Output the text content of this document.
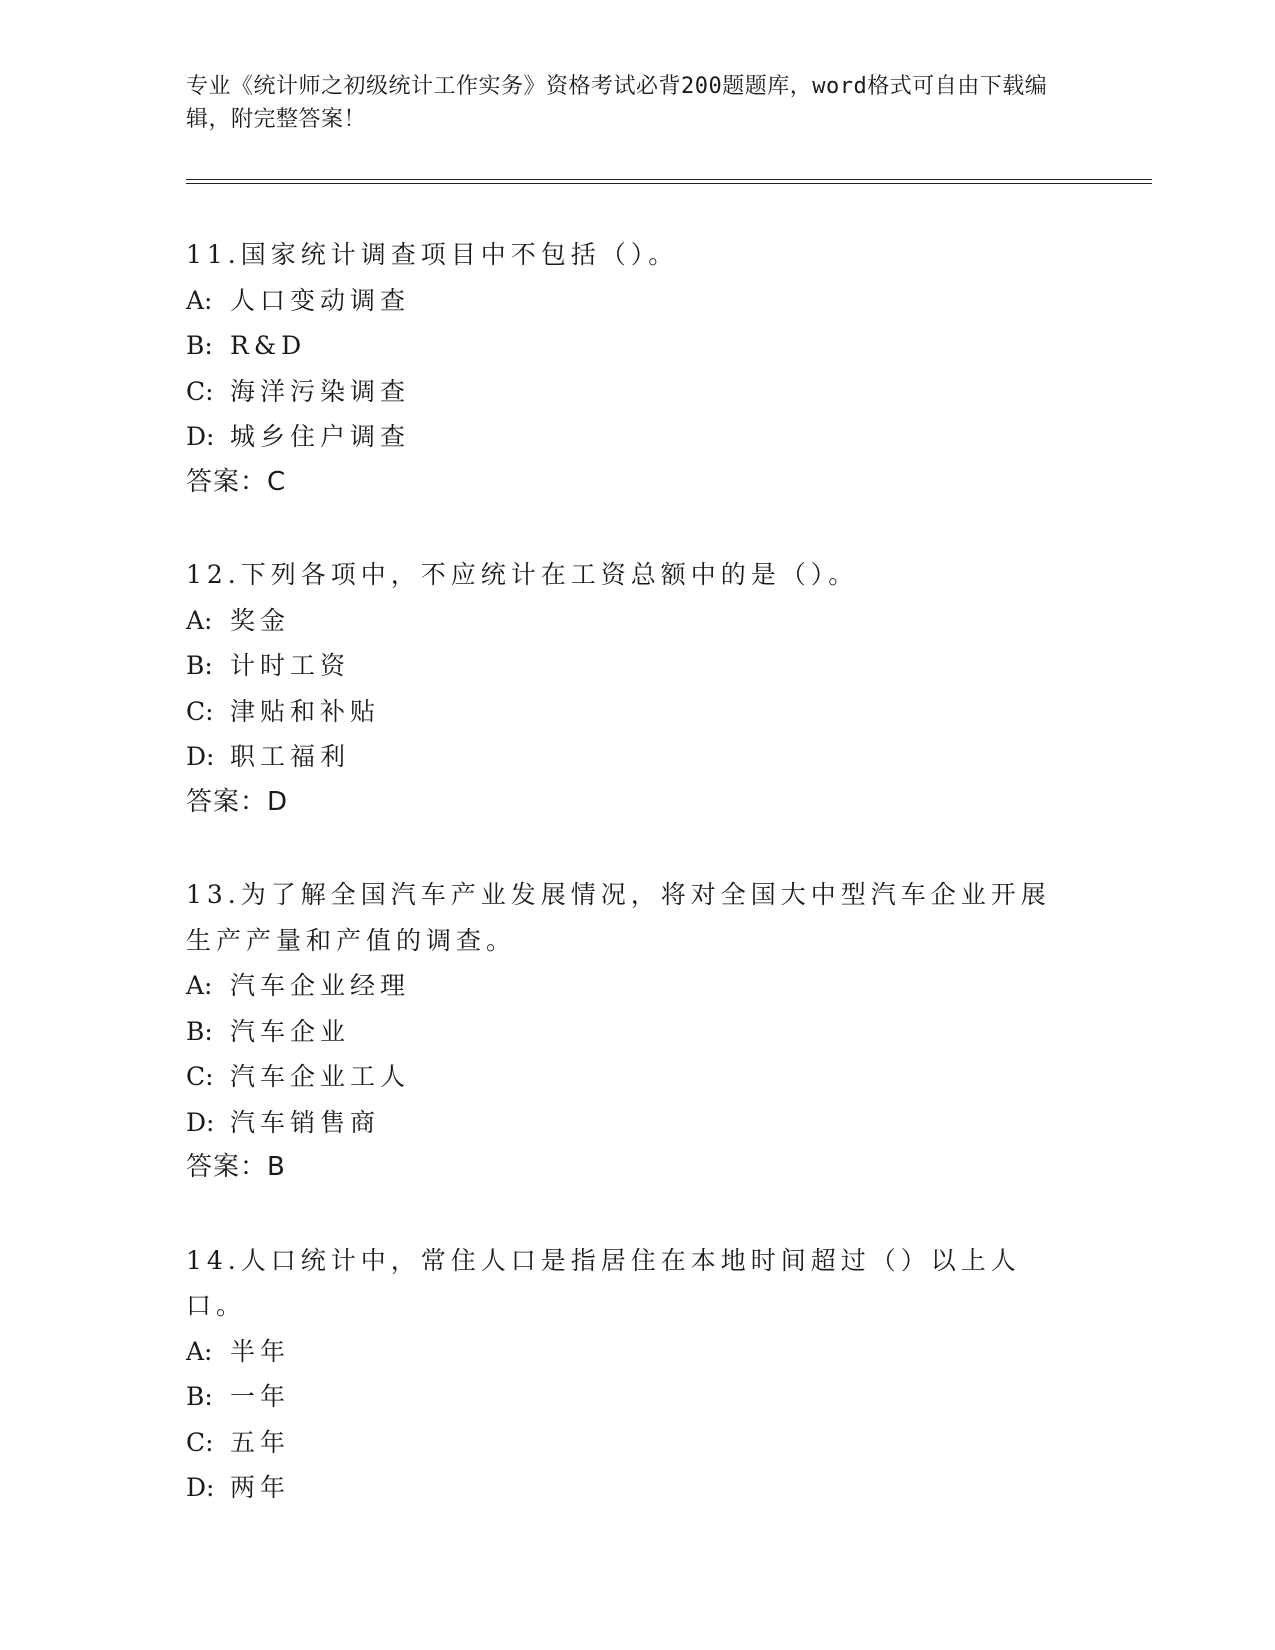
专业《统计师之初级统计工作实务》资格考试必背200题题库，word格式可自由下载编辑，附完整答案！
11.国家统计调查项目中不包括（）。
A: 人口变动调查
B: R&D
C: 海洋污染调查
D: 城乡住户调查
答案：C
12.下列各项中，不应统计在工资总额中的是（）。
A: 奖金
B: 计时工资
C: 津贴和补贴
D: 职工福利
答案：D
13.为了解全国汽车产业发展情况，将对全国大中型汽车企业开展生产产量和产值的调查。
A: 汽车企业经理
B: 汽车企业
C: 汽车企业工人
D: 汽车销售商
答案：B
14.人口统计中，常住人口是指居住在本地时间超过（）以上人口。
A: 半年
B: 一年
C: 五年
D: 两年
